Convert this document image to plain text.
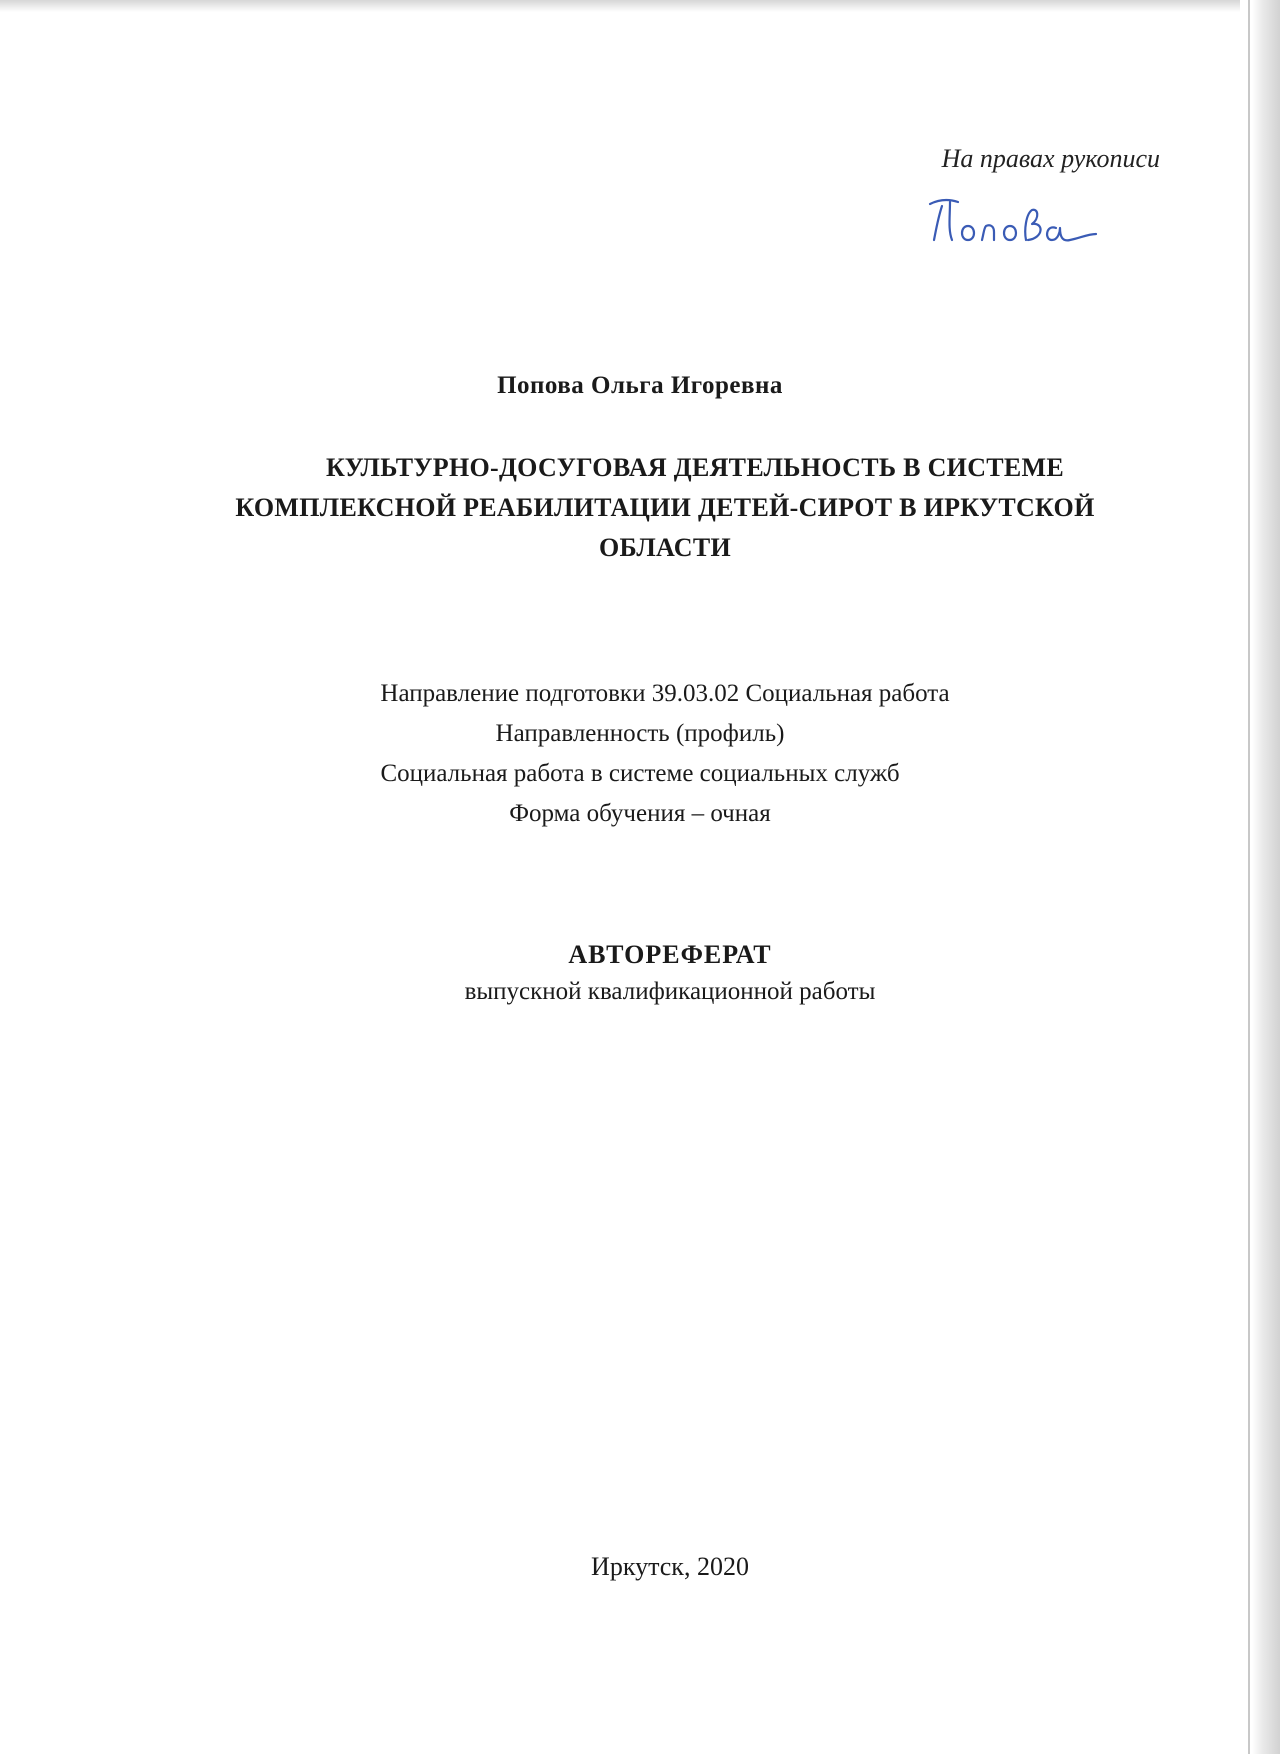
На правах рукописи
Попова Ольга Игоревна
КУЛЬТУРНО-ДОСУГОВАЯ ДЕЯТЕЛЬНОСТЬ В СИСТЕМЕ
КОМПЛЕКСНОЙ РЕАБИЛИТАЦИИ ДЕТЕЙ-СИРОТ В ИРКУТСКОЙ
ОБЛАСТИ
Направление подготовки 39.03.02 Социальная работа
Направленность (профиль)
Социальная работа в системе социальных служб
Форма обучения – очная
АВТОРЕФЕРАТ
выпускной квалификационной работы
Иркутск, 2020
